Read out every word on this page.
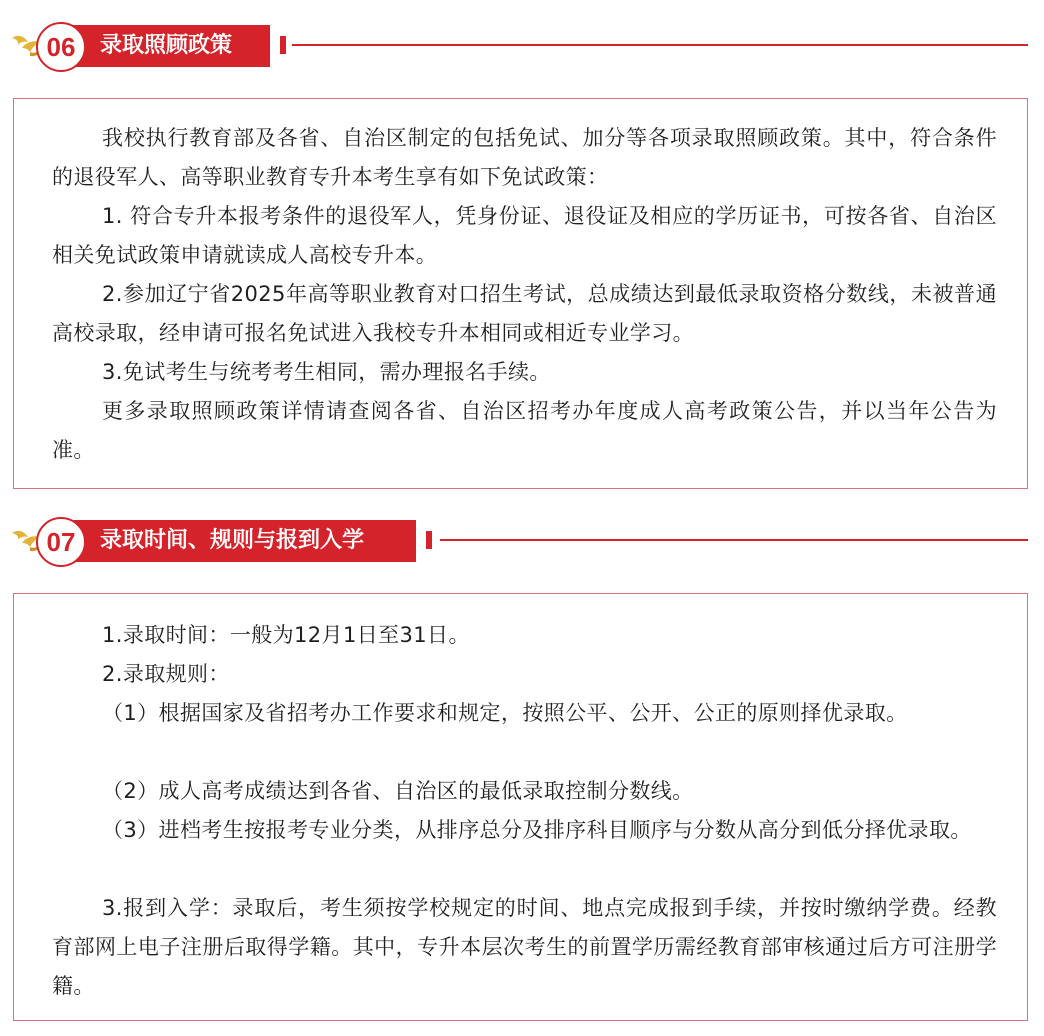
06	录取照顾政策

我校执行教育部及各省、自治区制定的包括免试、加分等各项录取照顾政策。其中，符合条件的退役军人、高等职业教育专升本考生享有如下免试政策：

1. 符合专升本报考条件的退役军人，凭身份证、退役证及相应的学历证书，可按各省、自治区相关免试政策申请就读成人高校专升本。

2.参加辽宁省2025年高等职业教育对口招生考试，总成绩达到最低录取资格分数线，未被普通高校录取，经申请可报名免试进入我校专升本相同或相近专业学习。

3.免试考生与统考考生相同，需办理报名手续。

更多录取照顾政策详情请查阅各省、自治区招考办年度成人高考政策公告，并以当年公告为准。

07	录取时间、规则与报到入学

1.录取时间：一般为12月1日至31日。

2.录取规则：

（1）根据国家及省招考办工作要求和规定，按照公平、公开、公正的原则择优录取。

（2）成人高考成绩达到各省、自治区的最低录取控制分数线。

（3）进档考生按报考专业分类，从排序总分及排序科目顺序与分数从高分到低分择优录取。

3.报到入学：录取后，考生须按学校规定的时间、地点完成报到手续，并按时缴纳学费。经教育部网上电子注册后取得学籍。其中，专升本层次考生的前置学历需经教育部审核通过后方可注册学籍。
